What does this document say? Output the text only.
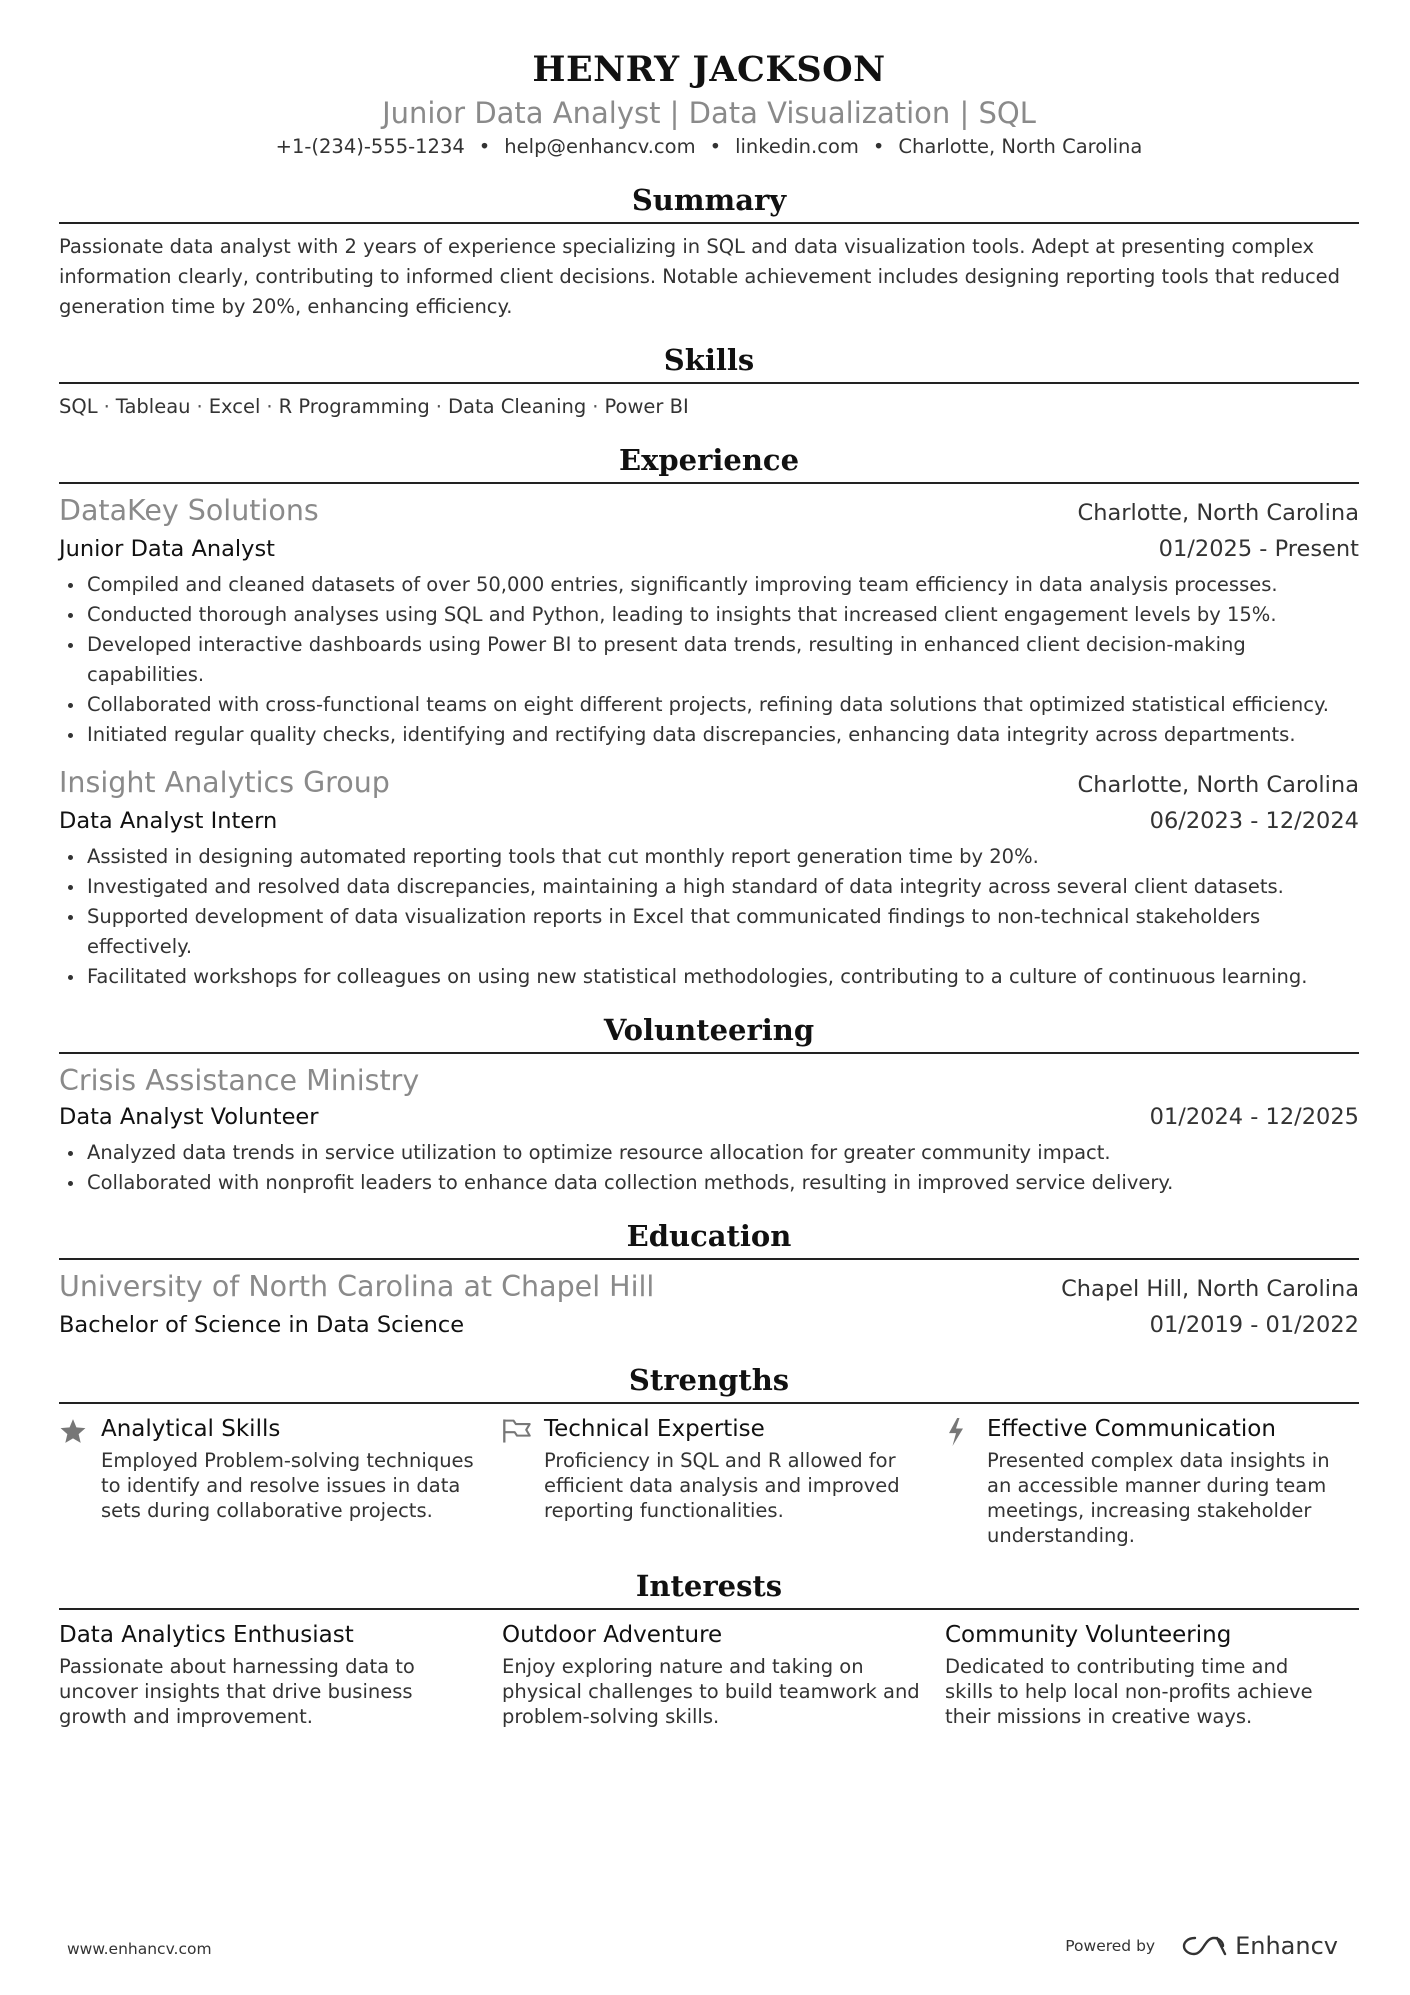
HENRY JACKSON
Junior Data Analyst | Data Visualization | SQL
+1-(234)-555-1234 • help@enhancv.com • linkedin.com • Charlotte, North Carolina
Summary
Passionate data analyst with 2 years of experience specializing in SQL and data visualization tools. Adept at presenting complex information clearly, contributing to informed client decisions. Notable achievement includes designing reporting tools that reduced generation time by 20%, enhancing efficiency.
Skills
SQL · Tableau · Excel · R Programming · Data Cleaning · Power BI
Experience
DataKey Solutions	Charlotte, North Carolina
Junior Data Analyst	01/2025 - Present
Compiled and cleaned datasets of over 50,000 entries, significantly improving team efficiency in data analysis processes.
Conducted thorough analyses using SQL and Python, leading to insights that increased client engagement levels by 15%.
Developed interactive dashboards using Power BI to present data trends, resulting in enhanced client decision-making capabilities.
Collaborated with cross-functional teams on eight different projects, refining data solutions that optimized statistical efficiency.
Initiated regular quality checks, identifying and rectifying data discrepancies, enhancing data integrity across departments.
Insight Analytics Group	Charlotte, North Carolina
Data Analyst Intern	06/2023 - 12/2024
Assisted in designing automated reporting tools that cut monthly report generation time by 20%.
Investigated and resolved data discrepancies, maintaining a high standard of data integrity across several client datasets.
Supported development of data visualization reports in Excel that communicated findings to non-technical stakeholders effectively.
Facilitated workshops for colleagues on using new statistical methodologies, contributing to a culture of continuous learning.
Volunteering
Crisis Assistance Ministry
Data Analyst Volunteer	01/2024 - 12/2025
Analyzed data trends in service utilization to optimize resource allocation for greater community impact.
Collaborated with nonprofit leaders to enhance data collection methods, resulting in improved service delivery.
Education
University of North Carolina at Chapel Hill	Chapel Hill, North Carolina
Bachelor of Science in Data Science	01/2019 - 01/2022
Strengths
Analytical Skills
Employed Problem-solving techniques to identify and resolve issues in data sets during collaborative projects.
Technical Expertise
Proficiency in SQL and R allowed for efficient data analysis and improved reporting functionalities.
Effective Communication
Presented complex data insights in an accessible manner during team meetings, increasing stakeholder understanding.
Interests
Data Analytics Enthusiast
Passionate about harnessing data to uncover insights that drive business growth and improvement.
Outdoor Adventure
Enjoy exploring nature and taking on physical challenges to build teamwork and problem-solving skills.
Community Volunteering
Dedicated to contributing time and skills to help local non-profits achieve their missions in creative ways.
www.enhancv.com	Powered by	Enhancv
